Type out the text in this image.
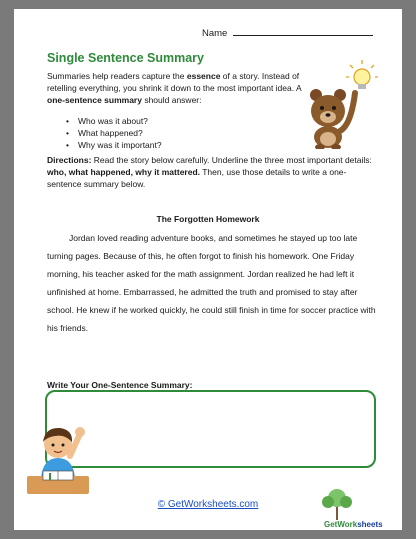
Name
Single Sentence Summary
Summaries help readers capture the essence of a story. Instead of retelling everything, you shrink it down to the most important idea. A one-sentence summary should answer:
• Who was it about?
• What happened?
• Why was it important?
Directions: Read the story below carefully. Underline the three most important details: who, what happened, why it mattered. Then, use those details to write a one-sentence summary below.
The Forgotten Homework

Jordan loved reading adventure books, and sometimes he stayed up too late turning pages. Because of this, he often forgot to finish his homework. One Friday morning, his teacher asked for the math assignment. Jordan realized he had left it unfinished at home. Embarrassed, he admitted the truth and promised to stay after school. He knew if he worked quickly, he could still finish in time for soccer practice with his friends.

Write Your One-Sentence Summary:
© GetWorksheets.com
GetWorksheets
